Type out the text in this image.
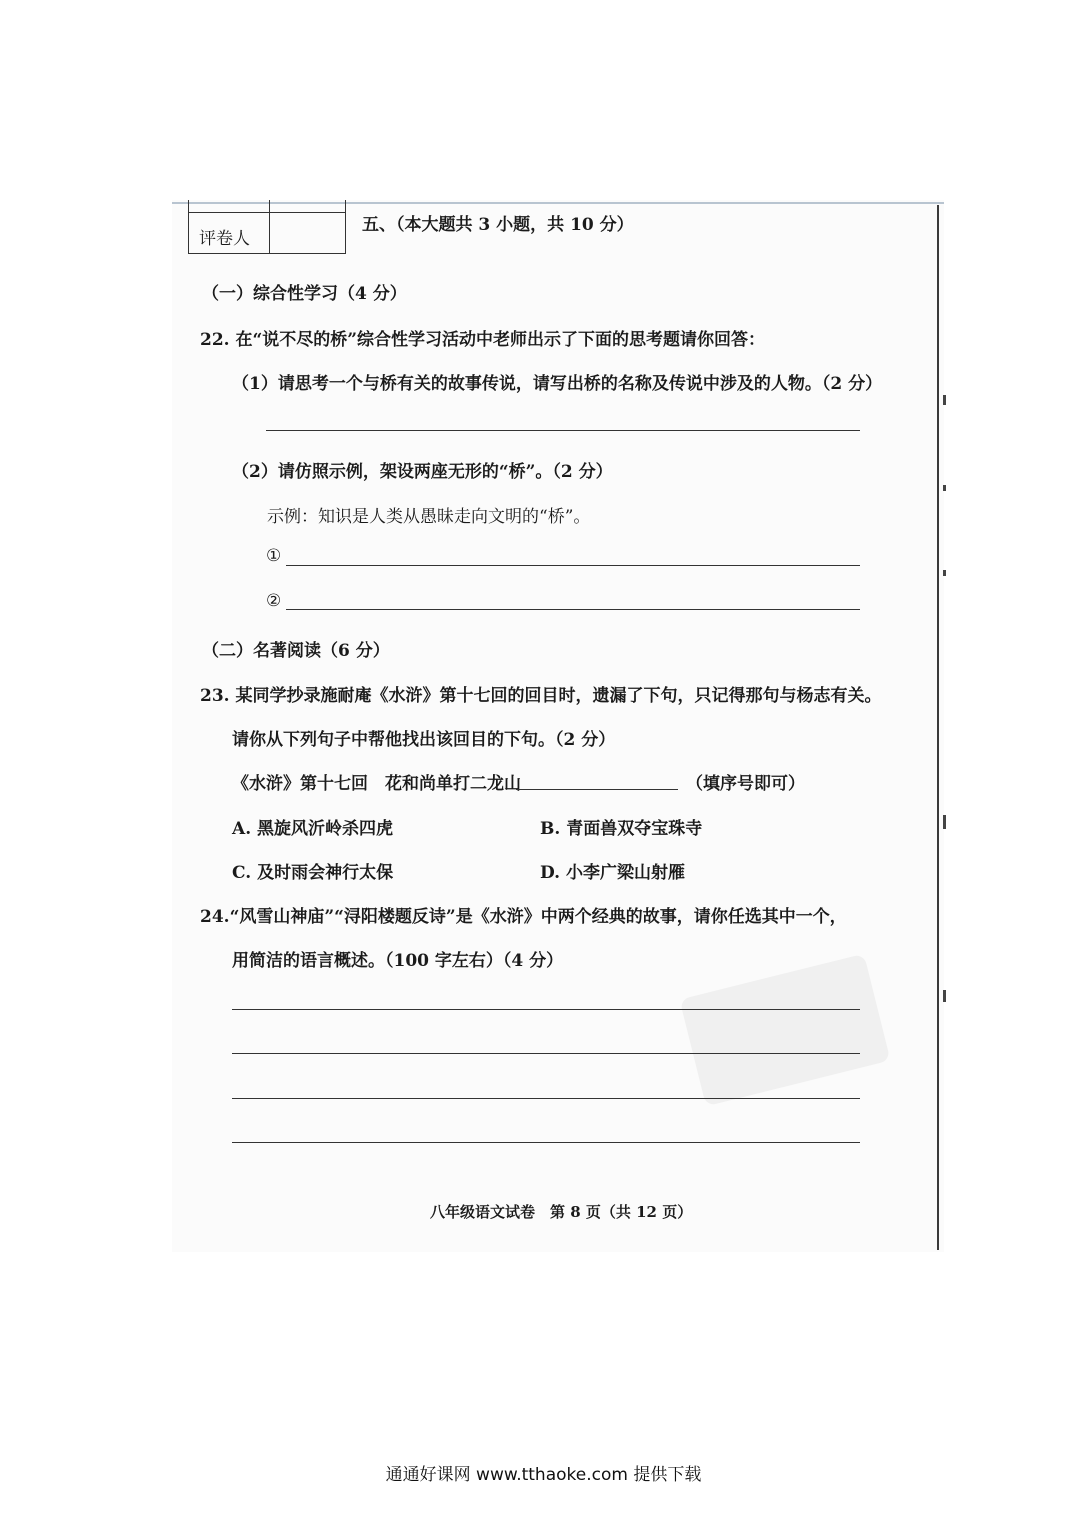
评卷人
五、（本大题共 3 小题，共 10 分）
（一）综合性学习（4 分）
22. 在“说不尽的桥”综合性学习活动中老师出示了下面的思考题请你回答：
（1）请思考一个与桥有关的故事传说，请写出桥的名称及传说中涉及的人物。（2 分）
（2）请仿照示例，架设两座无形的“桥”。（2 分）
示例：知识是人类从愚昧走向文明的“桥”。
①
②
（二）名著阅读（6 分）
23. 某同学抄录施耐庵《水浒》第十七回的回目时，遗漏了下句，只记得那句与杨志有关。
请你从下列句子中帮他找出该回目的下句。（2 分）
《水浒》第十七回　花和尚单打二龙山	（填序号即可）
A. 黑旋风沂岭杀四虎	B. 青面兽双夺宝珠寺
C. 及时雨会神行太保	D. 小李广梁山射雁
24.“风雪山神庙”“浔阳楼题反诗”是《水浒》中两个经典的故事，请你任选其中一个，
用简洁的语言概述。（100 字左右）（4 分）
八年级语文试卷　第 8 页（共 12 页）
通通好课网 www.tthaoke.com 提供下载
